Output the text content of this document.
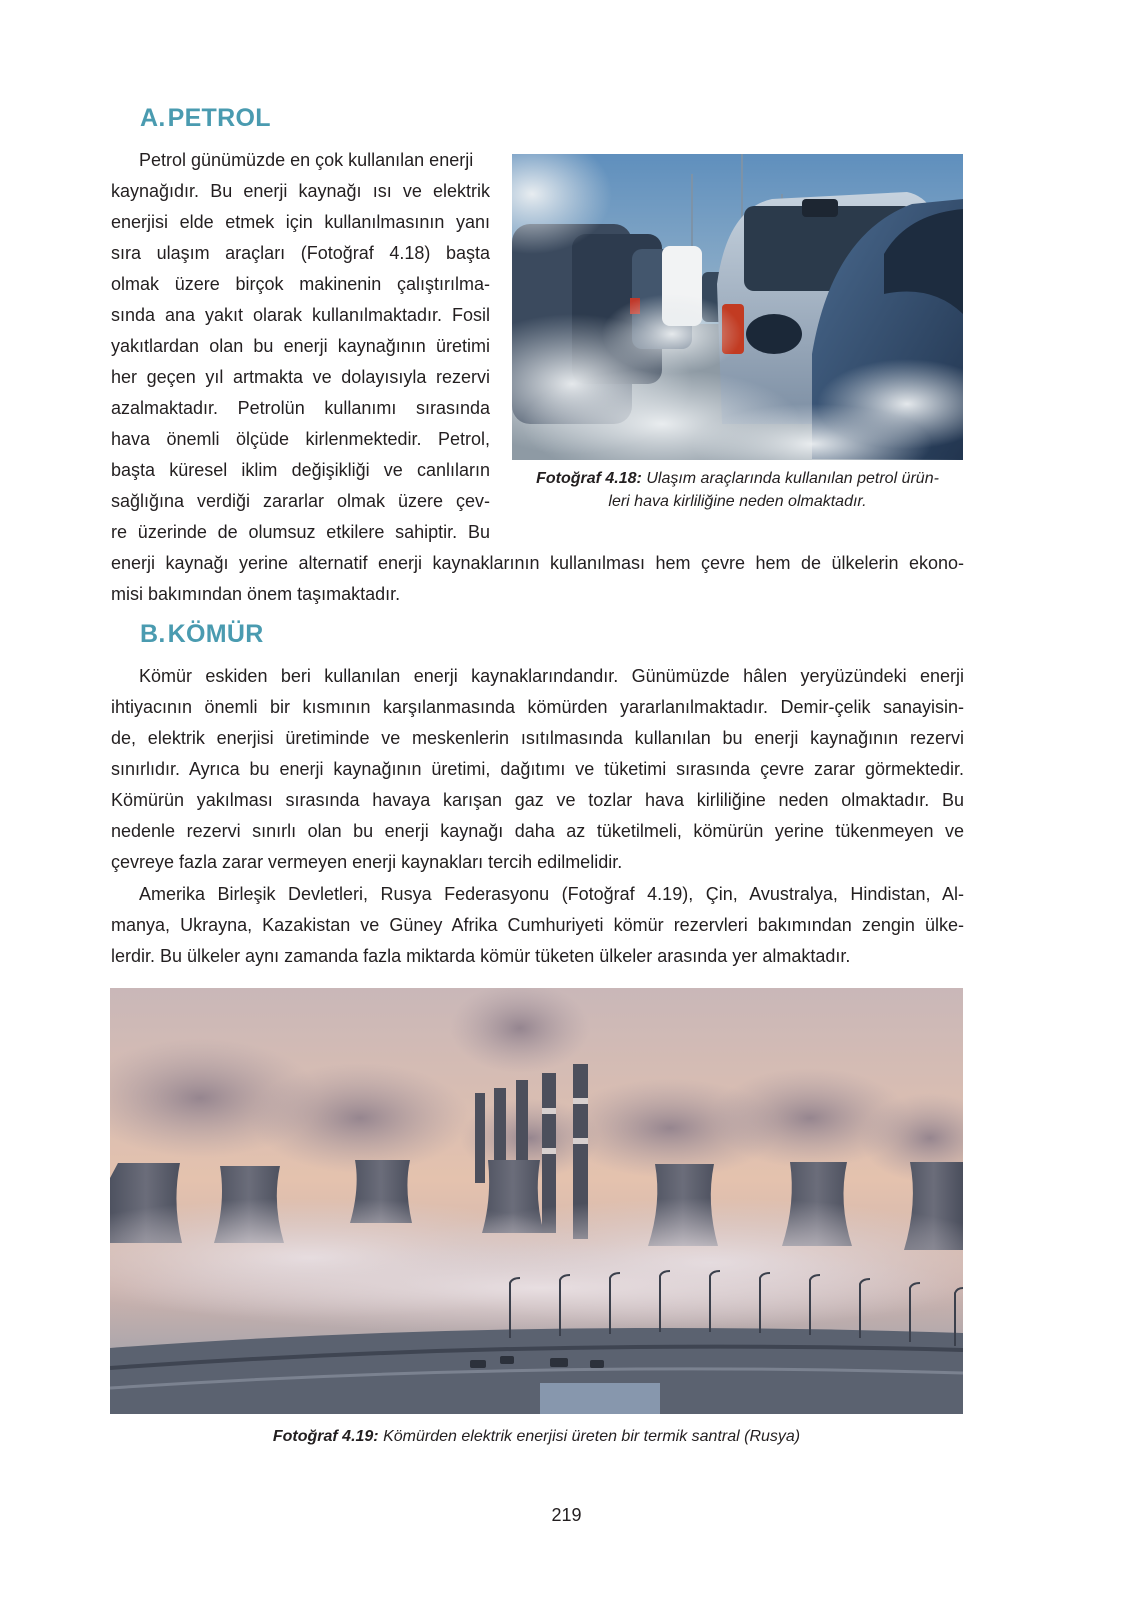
A.PETROL

Petrol günümüzde en çok kullanılan enerji
kaynağıdır. Bu enerji kaynağı ısı ve elektrik
enerjisi elde etmek için kullanılmasının yanı
sıra ulaşım araçları (Fotoğraf 4.18) başta
olmak üzere birçok makinenin çalıştırılma-
sında ana yakıt olarak kullanılmaktadır. Fosil
yakıtlardan olan bu enerji kaynağının üretimi
her geçen yıl artmakta ve dolayısıyla rezervi
azalmaktadır. Petrolün kullanımı sırasında
hava önemli ölçüde kirlenmektedir. Petrol,
başta küresel iklim değişikliği ve canlıların
sağlığına verdiği zararlar olmak üzere çev-
re üzerinde de olumsuz etkilere sahiptir. Bu

enerji kaynağı yerine alternatif enerji kaynaklarının kullanılması hem çevre hem de ülkelerin ekono-
misi bakımından önem taşımaktadır.

Fotoğraf 4.18: Ulaşım araçlarında kullanılan petrol ürün-
leri hava kirliliğine neden olmaktadır.

B.KÖMÜR

Kömür eskiden beri kullanılan enerji kaynaklarındandır. Günümüzde hâlen yeryüzündeki enerji
ihtiyacının önemli bir kısmının karşılanmasında kömürden yararlanılmaktadır. Demir-çelik sanayisin-
de, elektrik enerjisi üretiminde ve meskenlerin ısıtılmasında kullanılan bu enerji kaynağının rezervi
sınırlıdır. Ayrıca bu enerji kaynağının üretimi, dağıtımı ve tüketimi sırasında çevre zarar görmektedir.
Kömürün yakılması sırasında havaya karışan gaz ve tozlar hava kirliliğine neden olmaktadır. Bu
nedenle rezervi sınırlı olan bu enerji kaynağı daha az tüketilmeli, kömürün yerine tükenmeyen ve
çevreye fazla zarar vermeyen enerji kaynakları tercih edilmelidir.

Amerika Birleşik Devletleri, Rusya Federasyonu (Fotoğraf 4.19), Çin, Avustralya, Hindistan, Al-
manya, Ukrayna, Kazakistan ve Güney Afrika Cumhuriyeti kömür rezervleri bakımından zengin ülke-
lerdir. Bu ülkeler aynı zamanda fazla miktarda kömür tüketen ülkeler arasında yer almaktadır.

Fotoğraf 4.19: Kömürden elektrik enerjisi üreten bir termik santral (Rusya)

219
